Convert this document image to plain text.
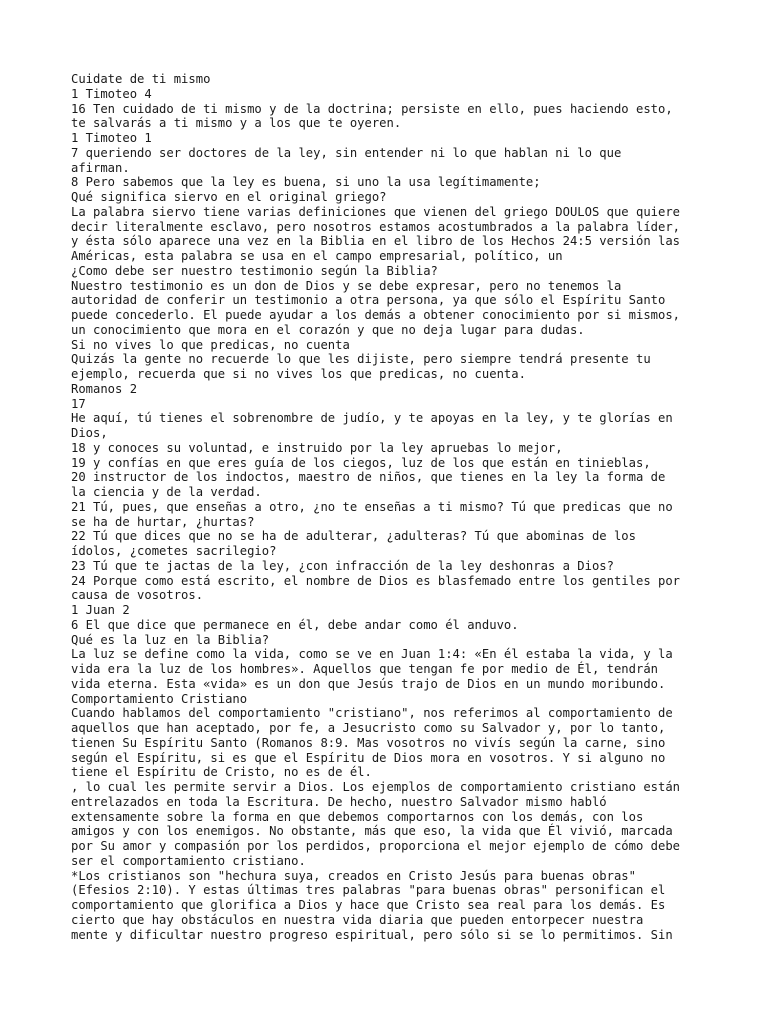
Cuidate de ti mismo
1 Timoteo 4
16 Ten cuidado de ti mismo y de la doctrina; persiste en ello, pues haciendo esto,
te salvarás a ti mismo y a los que te oyeren.
1 Timoteo 1
7 queriendo ser doctores de la ley, sin entender ni lo que hablan ni lo que
afirman.
8 Pero sabemos que la ley es buena, si uno la usa legítimamente;
Qué significa siervo en el original griego?
La palabra siervo tiene varias definiciones que vienen del griego DOULOS que quiere
decir literalmente esclavo, pero nosotros estamos acostumbrados a la palabra líder,
y ésta sólo aparece una vez en la Biblia en el libro de los Hechos 24:5 versión las
Américas, esta palabra se usa en el campo empresarial, político, un
¿Como debe ser nuestro testimonio según la Biblia?
Nuestro testimonio es un don de Dios y se debe expresar, pero no tenemos la
autoridad de conferir un testimonio a otra persona, ya que sólo el Espíritu Santo
puede concederlo. El puede ayudar a los demás a obtener conocimiento por si mismos,
un conocimiento que mora en el corazón y que no deja lugar para dudas.
Si no vives lo que predicas, no cuenta
Quizás la gente no recuerde lo que les dijiste, pero siempre tendrá presente tu
ejemplo, recuerda que si no vives los que predicas, no cuenta.
Romanos 2
17
He aquí, tú tienes el sobrenombre de judío, y te apoyas en la ley, y te glorías en
Dios,
18 y conoces su voluntad, e instruido por la ley apruebas lo mejor,
19 y confías en que eres guía de los ciegos, luz de los que están en tinieblas,
20 instructor de los indoctos, maestro de niños, que tienes en la ley la forma de
la ciencia y de la verdad.
21 Tú, pues, que enseñas a otro, ¿no te enseñas a ti mismo? Tú que predicas que no
se ha de hurtar, ¿hurtas?
22 Tú que dices que no se ha de adulterar, ¿adulteras? Tú que abominas de los
ídolos, ¿cometes sacrilegio?
23 Tú que te jactas de la ley, ¿con infracción de la ley deshonras a Dios?
24 Porque como está escrito, el nombre de Dios es blasfemado entre los gentiles por
causa de vosotros.
1 Juan 2
6 El que dice que permanece en él, debe andar como él anduvo.
Qué es la luz en la Biblia?
La luz se define como la vida, como se ve en Juan 1:4: «En él estaba la vida, y la
vida era la luz de los hombres». Aquellos que tengan fe por medio de Él, tendrán
vida eterna. Esta «vida» es un don que Jesús trajo de Dios en un mundo moribundo.
Comportamiento Cristiano
Cuando hablamos del comportamiento "cristiano", nos referimos al comportamiento de
aquellos que han aceptado, por fe, a Jesucristo como su Salvador y, por lo tanto,
tienen Su Espíritu Santo (Romanos 8:9. Mas vosotros no vivís según la carne, sino
según el Espíritu, si es que el Espíritu de Dios mora en vosotros. Y si alguno no
tiene el Espíritu de Cristo, no es de él.
, lo cual les permite servir a Dios. Los ejemplos de comportamiento cristiano están
entrelazados en toda la Escritura. De hecho, nuestro Salvador mismo habló
extensamente sobre la forma en que debemos comportarnos con los demás, con los
amigos y con los enemigos. No obstante, más que eso, la vida que Él vivió, marcada
por Su amor y compasión por los perdidos, proporciona el mejor ejemplo de cómo debe
ser el comportamiento cristiano.
*Los cristianos son "hechura suya, creados en Cristo Jesús para buenas obras"
(Efesios 2:10). Y estas últimas tres palabras "para buenas obras" personifican el
comportamiento que glorifica a Dios y hace que Cristo sea real para los demás. Es
cierto que hay obstáculos en nuestra vida diaria que pueden entorpecer nuestra
mente y dificultar nuestro progreso espiritual, pero sólo si se lo permitimos. Sin
